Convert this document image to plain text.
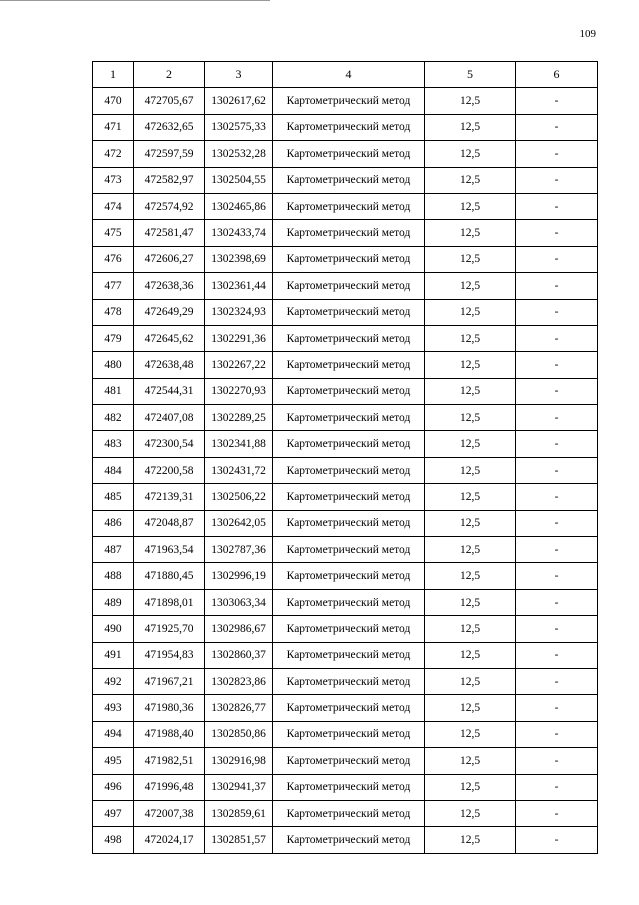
109
1	2	3	4	5	6
470	472705,67	1302617,62	Картометрический метод	12,5	-
471	472632,65	1302575,33	Картометрический метод	12,5	-
472	472597,59	1302532,28	Картометрический метод	12,5	-
473	472582,97	1302504,55	Картометрический метод	12,5	-
474	472574,92	1302465,86	Картометрический метод	12,5	-
475	472581,47	1302433,74	Картометрический метод	12,5	-
476	472606,27	1302398,69	Картометрический метод	12,5	-
477	472638,36	1302361,44	Картометрический метод	12,5	-
478	472649,29	1302324,93	Картометрический метод	12,5	-
479	472645,62	1302291,36	Картометрический метод	12,5	-
480	472638,48	1302267,22	Картометрический метод	12,5	-
481	472544,31	1302270,93	Картометрический метод	12,5	-
482	472407,08	1302289,25	Картометрический метод	12,5	-
483	472300,54	1302341,88	Картометрический метод	12,5	-
484	472200,58	1302431,72	Картометрический метод	12,5	-
485	472139,31	1302506,22	Картометрический метод	12,5	-
486	472048,87	1302642,05	Картометрический метод	12,5	-
487	471963,54	1302787,36	Картометрический метод	12,5	-
488	471880,45	1302996,19	Картометрический метод	12,5	-
489	471898,01	1303063,34	Картометрический метод	12,5	-
490	471925,70	1302986,67	Картометрический метод	12,5	-
491	471954,83	1302860,37	Картометрический метод	12,5	-
492	471967,21	1302823,86	Картометрический метод	12,5	-
493	471980,36	1302826,77	Картометрический метод	12,5	-
494	471988,40	1302850,86	Картометрический метод	12,5	-
495	471982,51	1302916,98	Картометрический метод	12,5	-
496	471996,48	1302941,37	Картометрический метод	12,5	-
497	472007,38	1302859,61	Картометрический метод	12,5	-
498	472024,17	1302851,57	Картометрический метод	12,5	-
